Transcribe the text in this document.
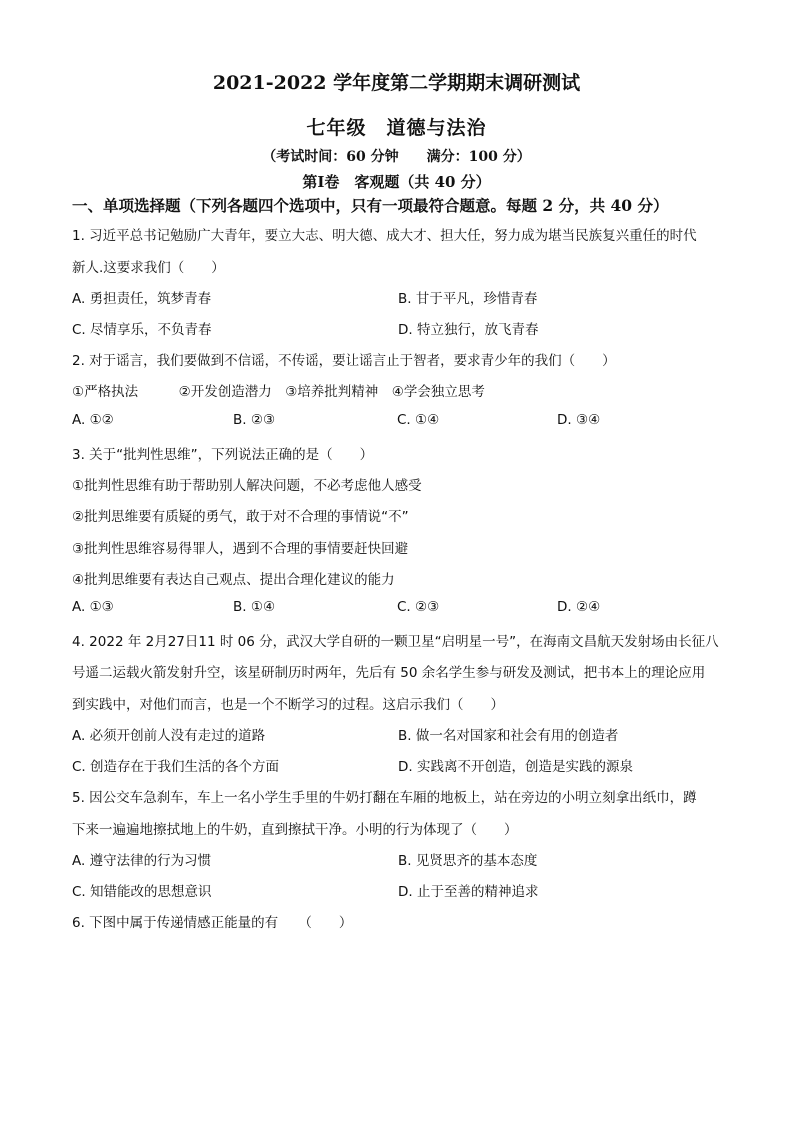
2021-2022 学年度第二学期期末调研测试
七年级　道德与法治
（考试时间：60 分钟　　满分：100 分）
第Ⅰ卷　客观题（共 40 分）
一、单项选择题（下列各题四个选项中，只有一项最符合题意。每题 2 分，共 40 分）
1. 习近平总书记勉励广大青年，要立大志、明大德、成大才、担大任，努力成为堪当民族复兴重任的时代
新人.这要求我们（　　）
A. 勇担责任，筑梦青春	B. 甘于平凡，珍惜青春
C. 尽情享乐，不负青春	D. 特立独行，放飞青春
2. 对于谣言，我们要做到不信谣，不传谣，要让谣言止于智者，要求青少年的我们（　　）
①严格执法　　　②开发创造潜力　③培养批判精神　④学会独立思考
A. ①②	B. ②③	C. ①④	D. ③④
3. 关于“批判性思维”，下列说法正确的是（　　）
①批判性思维有助于帮助别人解决问题，不必考虑他人感受
②批判思维要有质疑的勇气，敢于对不合理的事情说“不”
③批判性思维容易得罪人，遇到不合理的事情要赶快回避
④批判思维要有表达自己观点、提出合理化建议的能力
A. ①③	B. ①④	C. ②③	D. ②④
4. 2022 年 2月27日11 时 06 分，武汉大学自研的一颗卫星“启明星一号”，在海南文昌航天发射场由长征八
号遥二运载火箭发射升空，该星研制历时两年，先后有 50 余名学生参与研发及测试，把书本上的理论应用
到实践中，对他们而言，也是一个不断学习的过程。这启示我们（　　）
A. 必须开创前人没有走过的道路	B. 做一名对国家和社会有用的创造者
C. 创造存在于我们生活的各个方面	D. 实践离不开创造，创造是实践的源泉
5. 因公交车急刹车，车上一名小学生手里的牛奶打翻在车厢的地板上，站在旁边的小明立刻拿出纸巾，蹲
下来一遍遍地擦拭地上的牛奶，直到擦拭干净。小明的行为体现了（　　）
A. 遵守法律的行为习惯	B. 见贤思齐的基本态度
C. 知错能改的思想意识	D. 止于至善的精神追求
6. 下图中属于传递情感正能量的有　　（　　）
